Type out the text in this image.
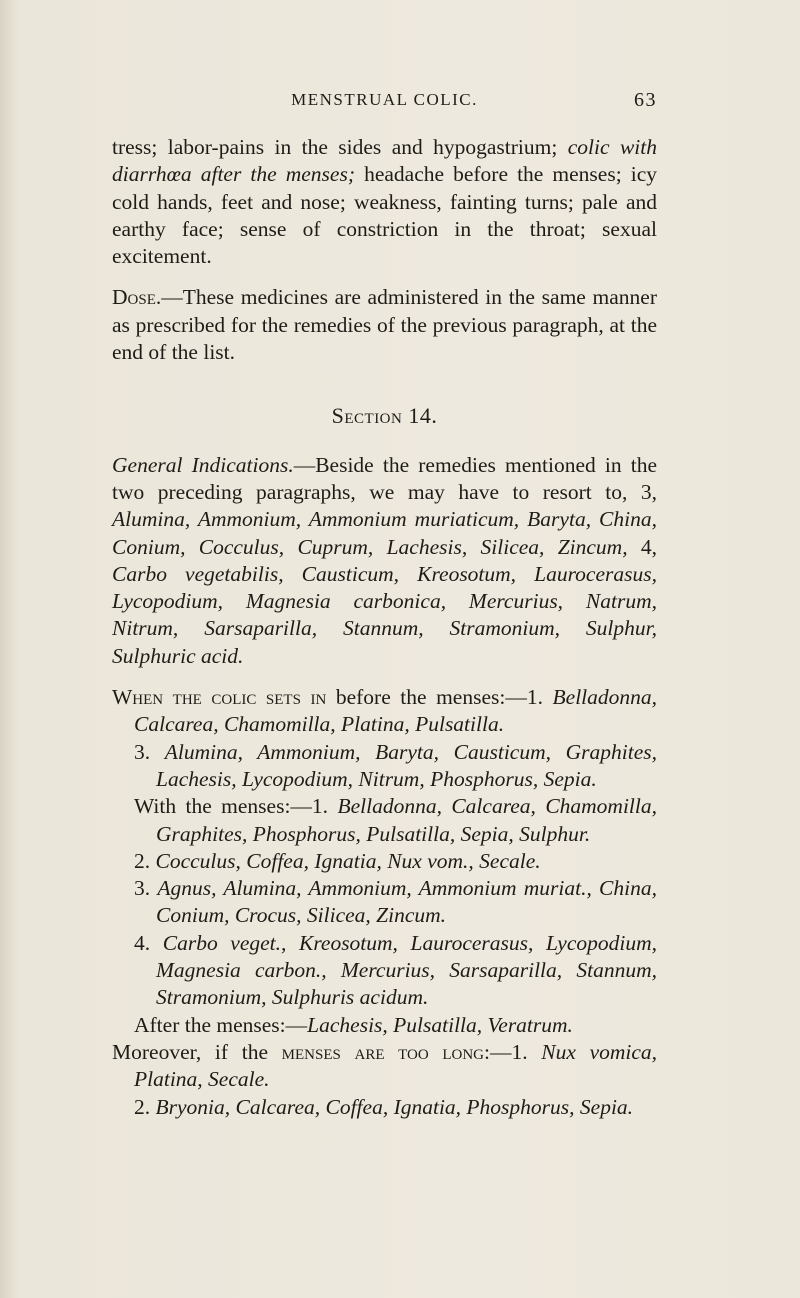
MENSTRUAL COLIC.	63

tress; labor-pains in the sides and hypogastrium; colic with diarrhœa after the menses; headache before the menses; icy cold hands, feet and nose; weakness, fainting turns; pale and earthy face; sense of constriction in the throat; sexual excitement.

Dose.—These medicines are administered in the same manner as prescribed for the remedies of the previous paragraph, at the end of the list.

Section 14.

General Indications.—Beside the remedies mentioned in the two preceding paragraphs, we may have to resort to, 3, Alumina, Ammonium, Ammonium muriaticum, Baryta, China, Conium, Cocculus, Cuprum, Lachesis, Silicea, Zincum, 4, Carbo vegetabilis, Causticum, Kreosotum, Laurocerasus, Lycopodium, Magnesia carbonica, Mercurius, Natrum, Nitrum, Sarsaparilla, Stannum, Stramonium, Sulphur, Sulphuric acid.

When the colic sets in before the menses:—1. Belladonna, Calcarea, Chamomilla, Platina, Pulsatilla.

3. Alumina, Ammonium, Baryta, Causticum, Graphites, Lachesis, Lycopodium, Nitrum, Phosphorus, Sepia.

With the menses:—1. Belladonna, Calcarea, Chamomilla, Graphites, Phosphorus, Pulsatilla, Sepia, Sulphur.

2. Cocculus, Coffea, Ignatia, Nux vom., Secale.

3. Agnus, Alumina, Ammonium, Ammonium muriat., China, Conium, Crocus, Silicea, Zincum.

4. Carbo veget., Kreosotum, Laurocerasus, Lycopodium, Magnesia carbon., Mercurius, Sarsaparilla, Stannum, Stramonium, Sulphuris acidum.

After the menses:—Lachesis, Pulsatilla, Veratrum.

Moreover, if the menses are too long:—1. Nux vomica, Platina, Secale.

2. Bryonia, Calcarea, Coffea, Ignatia, Phosphorus, Sepia.
